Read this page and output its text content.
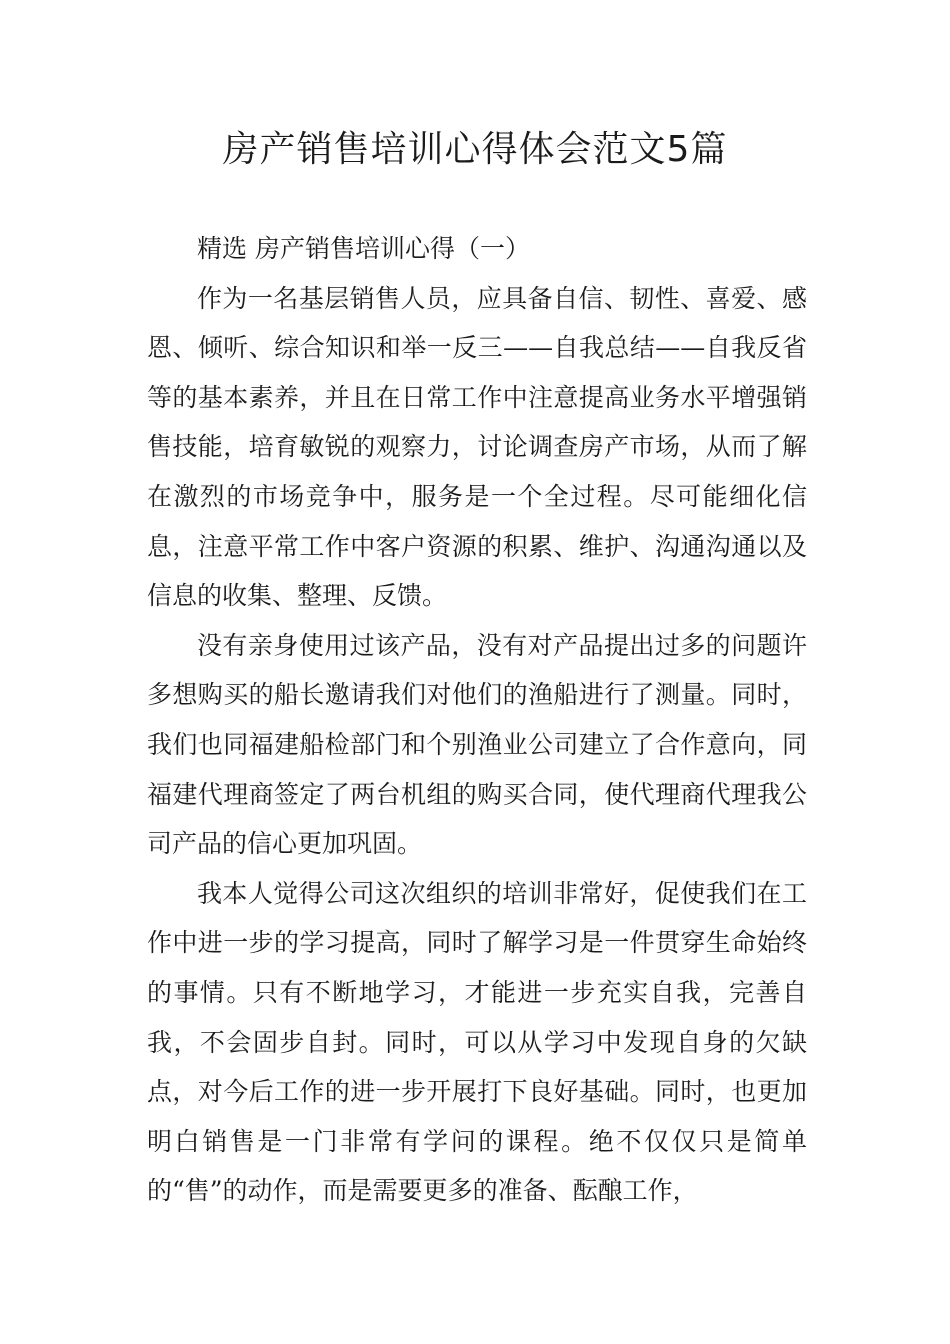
房产销售培训心得体会范文5篇

精选 房产销售培训心得（一）

作为一名基层销售人员，应具备自信、韧性、喜爱、感恩、倾听、综合知识和举一反三——自我总结——自我反省等的基本素养，并且在日常工作中注意提高业务水平增强销售技能，培育敏锐的观察力，讨论调查房产市场，从而了解在激烈的市场竞争中，服务是一个全过程。尽可能细化信息，注意平常工作中客户资源的积累、维护、沟通沟通以及信息的收集、整理、反馈。

没有亲身使用过该产品，没有对产品提出过多的问题许多想购买的船长邀请我们对他们的渔船进行了测量。同时，我们也同福建船检部门和个别渔业公司建立了合作意向，同福建代理商签定了两台机组的购买合同，使代理商代理我公司产品的信心更加巩固。

我本人觉得公司这次组织的培训非常好，促使我们在工作中进一步的学习提高，同时了解学习是一件贯穿生命始终的事情。只有不断地学习，才能进一步充实自我，完善自我，不会固步自封。同时，可以从学习中发现自身的欠缺点，对今后工作的进一步开展打下良好基础。同时，也更加明白销售是一门非常有学问的课程。绝不仅仅只是简单的“售”的动作，而是需要更多的准备、酝酿工作，
